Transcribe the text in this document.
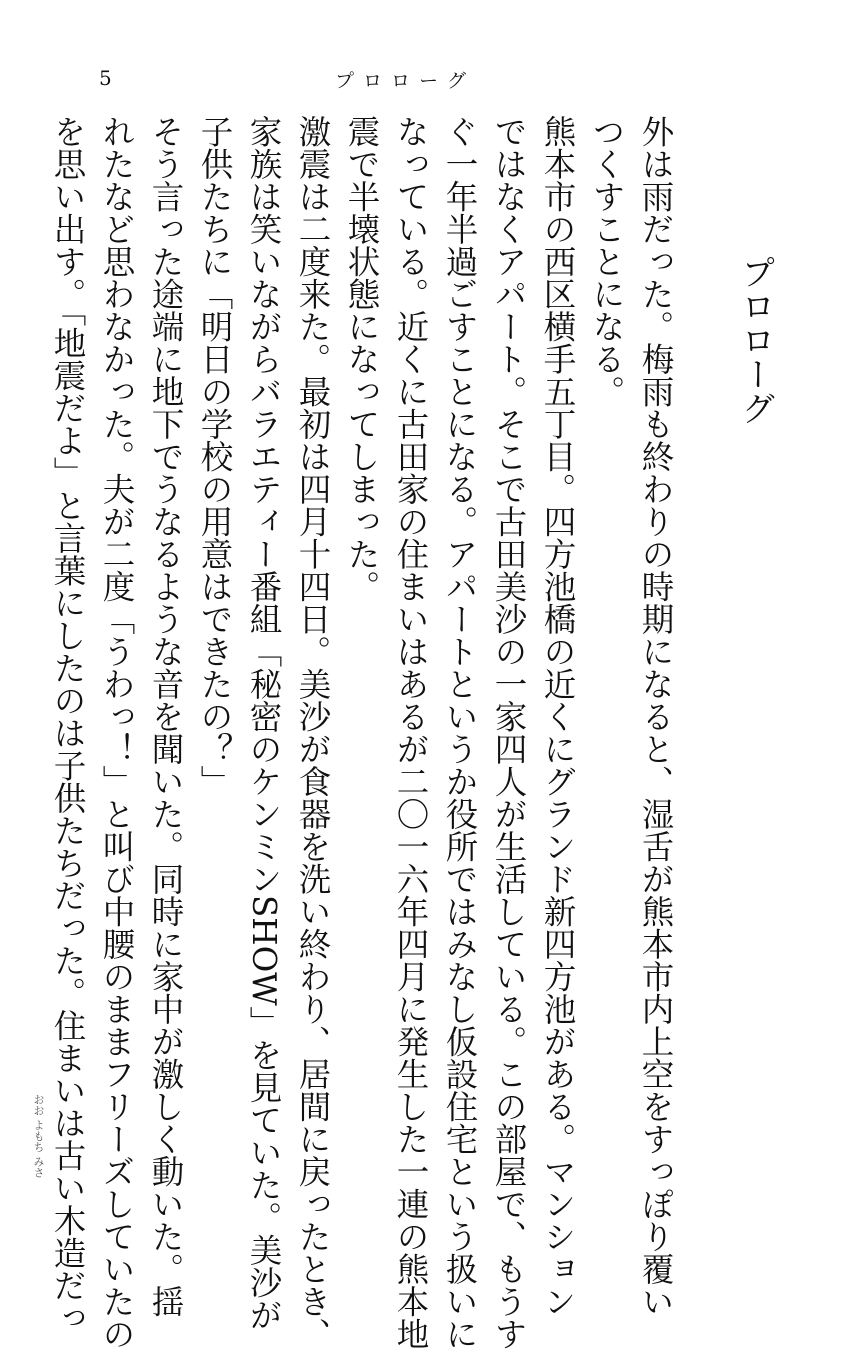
5	プロローグ
プロローグ
外は雨だった。梅雨も終わりの時期になると、湿舌が熊本市内上空をすっぽり覆い
つくすことになる。
熊本市の西区横手五丁目。四方池橋の近くにグランド新四方池がある。マンション
ではなくアパート。そこで古田美沙の一家四人が生活している。この部屋で、もうす
ぐ一年半過ごすことになる。アパートというか役所ではみなし仮設住宅という扱いに
なっている。近くに古田家の住まいはあるが二〇一六年四月に発生した一連の熊本地
震で半壊状態になってしまった。
激震は二度来た。最初は四月十四日。美沙が食器を洗い終わり、居間に戻ったとき、
家族は笑いながらバラエティー番組「秘密のケンミンSHOW」を見ていた。美沙が
子供たちに「明日の学校の用意はできたの？」
そう言った途端に地下でうなるような音を聞いた。同時に家中が激しく動いた。揺
れたなど思わなかった。夫が二度「うわっ！」と叫び中腰のままフリーズしていたの
を思い出す。「地震だよ」と言葉にしたのは子供たちだった。住まいは古い木造だっ
おお よもち みさ
